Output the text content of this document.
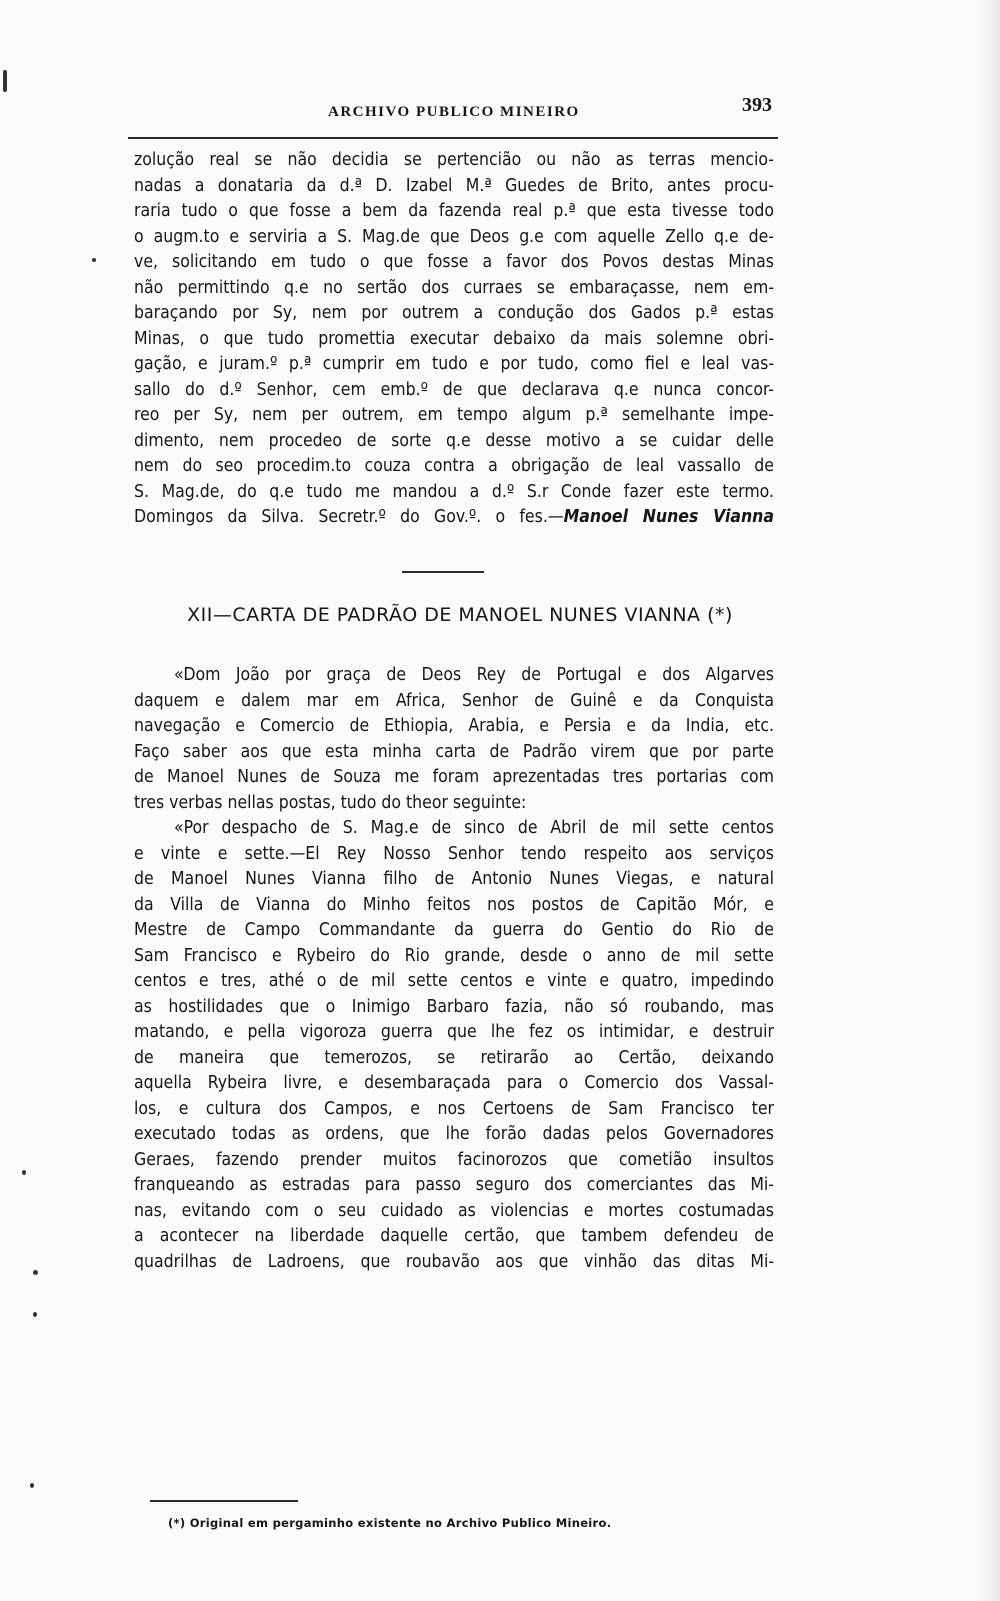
ARCHIVO PUBLICO MINEIRO	393

zolução real se não decidia se pertencião ou não as terras mencio-

nadas a donataria da d.ª D. Izabel M.ª Guedes de Brito, antes procu-

raria tudo o que fosse a bem da fazenda real p.ª que esta tivesse todo

o augm.to e serviria a S. Mag.de que Deos g.e com aquelle Zello q.e de-

ve, solicitando em tudo o que fosse a favor dos Povos destas Minas

não permittindo q.e no sertão dos curraes se embaraçasse, nem em-

baraçando por Sy, nem por outrem a condução dos Gados p.ª estas

Minas, o que tudo promettia executar debaixo da mais solemne obri-

gação, e juram.º p.ª cumprir em tudo e por tudo, como fiel e leal vas-

sallo do d.º Senhor, cem emb.º de que declarava q.e nunca concor-

reo per Sy, nem per outrem, em tempo algum p.ª semelhante impe-

dimento, nem procedeo de sorte q.e desse motivo a se cuidar delle

nem do seo procedim.to couza contra a obrigação de leal vassallo de

S. Mag.de, do q.e tudo me mandou a d.º S.r Conde fazer este termo.

Domingos da Silva. Secretr.º do Gov.º. o fes.—Manoel Nunes Vianna

XII—CARTA DE PADRÃO DE MANOEL NUNES VIANNA (*)

«Dom João por graça de Deos Rey de Portugal e dos Algarves

daquem e dalem mar em Africa, Senhor de Guinê e da Conquista

navegação e Comercio de Ethiopia, Arabia, e Persia e da India, etc.

Faço saber aos que esta minha carta de Padrão virem que por parte

de Manoel Nunes de Souza me foram aprezentadas tres portarias com

tres verbas nellas postas, tudo do theor seguinte:

«Por despacho de S. Mag.e de sinco de Abril de mil sette centos

e vinte e sette.—El Rey Nosso Senhor tendo respeito aos serviços

de Manoel Nunes Vianna filho de Antonio Nunes Viegas, e natural

da Villa de Vianna do Minho feitos nos postos de Capitão Mór, e

Mestre de Campo Commandante da guerra do Gentio do Rio de

Sam Francisco e Rybeiro do Rio grande, desde o anno de mil sette

centos e tres, athé o de mil sette centos e vinte e quatro, impedindo

as hostilidades que o Inimigo Barbaro fazia, não só roubando, mas

matando, e pella vigoroza guerra que lhe fez os intimidar, e destruir

de maneira que temerozos, se retirarão ao Certão, deixando

aquella Rybeira livre, e desembaraçada para o Comercio dos Vassal-

los, e cultura dos Campos, e nos Certoens de Sam Francisco ter

executado todas as ordens, que lhe forão dadas pelos Governadores

Geraes, fazendo prender muitos facinorozos que cometião insultos

franqueando as estradas para passo seguro dos comerciantes das Mi-

nas, evitando com o seu cuidado as violencias e mortes costumadas

a acontecer na liberdade daquelle certão, que tambem defendeu de

quadrilhas de Ladroens, que roubavão aos que vinhão das ditas Mi-

(*) Original em pergaminho existente no Archivo Publico Mineiro.
